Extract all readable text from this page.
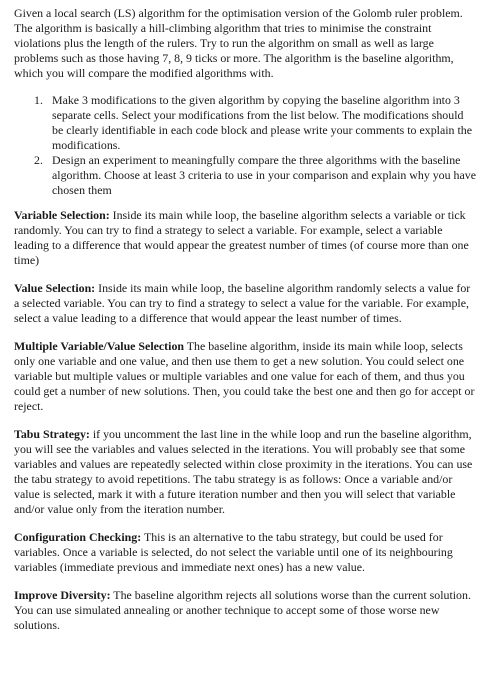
Given a local search (LS) algorithm for the optimisation version of the Golomb ruler problem. The algorithm is basically a hill-climbing algorithm that tries to minimise the constraint violations plus the length of the rulers. Try to run the algorithm on small as well as large problems such as those having 7, 8, 9 ticks or more. The algorithm is the baseline algorithm, which you will compare the modified algorithms with.

1. Make 3 modifications to the given algorithm by copying the baseline algorithm into 3 separate cells. Select your modifications from the list below. The modifications should be clearly identifiable in each code block and please write your comments to explain the modifications.
2. Design an experiment to meaningfully compare the three algorithms with the baseline algorithm. Choose at least 3 criteria to use in your comparison and explain why you have chosen them

Variable Selection: Inside its main while loop, the baseline algorithm selects a variable or tick randomly. You can try to find a strategy to select a variable. For example, select a variable leading to a difference that would appear the greatest number of times (of course more than one time)

Value Selection: Inside its main while loop, the baseline algorithm randomly selects a value for a selected variable. You can try to find a strategy to select a value for the variable. For example, select a value leading to a difference that would appear the least number of times.

Multiple Variable/Value Selection The baseline algorithm, inside its main while loop, selects only one variable and one value, and then use them to get a new solution. You could select one variable but multiple values or multiple variables and one value for each of them, and thus you could get a number of new solutions. Then, you could take the best one and then go for accept or reject.

Tabu Strategy: if you uncomment the last line in the while loop and run the baseline algorithm, you will see the variables and values selected in the iterations. You will probably see that some variables and values are repeatedly selected within close proximity in the iterations. You can use the tabu strategy to avoid repetitions. The tabu strategy is as follows: Once a variable and/or value is selected, mark it with a future iteration number and then you will select that variable and/or value only from the iteration number.

Configuration Checking: This is an alternative to the tabu strategy, but could be used for variables. Once a variable is selected, do not select the variable until one of its neighbouring variables (immediate previous and immediate next ones) has a new value.

Improve Diversity: The baseline algorithm rejects all solutions worse than the current solution. You can use simulated annealing or another technique to accept some of those worse new solutions.
